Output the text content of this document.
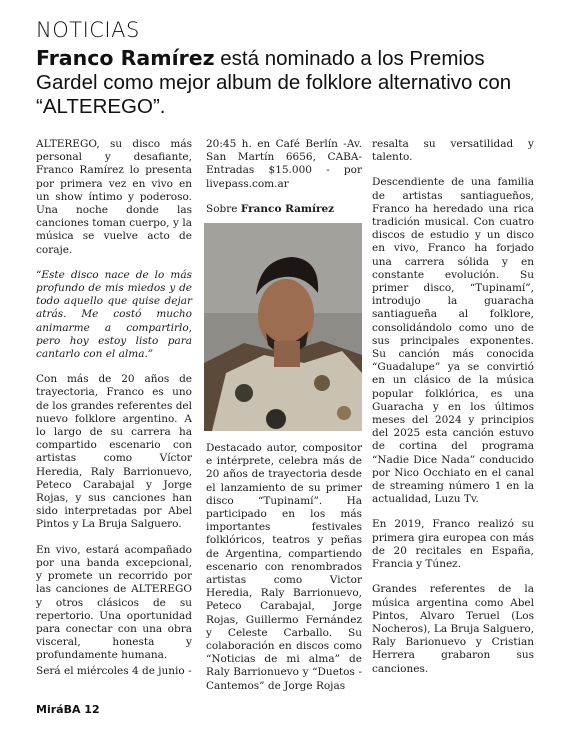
NOTICIAS
Franco Ramírez está nominado a los Premios Gardel como mejor album de folklore alternativo con “ALTEREGO”.

ALTEREGO, su disco más personal y desafiante, Franco Ramírez lo presenta por primera vez en vivo en un show íntimo y poderoso. Una noche donde las canciones toman cuerpo, y la música se vuelve acto de coraje.

“Este disco nace de lo más profundo de mis miedos y de todo aquello que quise dejar atrás. Me costó mucho animarme a compartirlo, pero hoy estoy listo para cantarlo con el alma.”

Con más de 20 años de trayectoria, Franco es uno de los grandes referentes del nuevo folklore argentino. A lo largo de su carrera ha compartido escenario con artistas como Víctor Heredia, Raly Barrionuevo, Peteco Carabajal y Jorge Rojas, y sus canciones han sido interpretadas por Abel Pintos y La Bruja Salguero.

En vivo, estará acompañado por una banda excepcional, y promete un recorrido por las canciones de ALTEREGO y otros clásicos de su repertorio. Una oportunidad para conectar con una obra visceral, honesta y profundamente humana.

Será el miércoles 4 de junio -

20:45 h. en Café Berlín -Av. San Martín 6656, CABA- Entradas $15.000 - por livepass.com.ar

Sobre Franco Ramírez

Destacado autor, compositor e intérprete, celebra más de 20 años de trayectoria desde el lanzamiento de su primer disco “Tupinamí”. Ha participado en los más importantes festivales folklóricos, teatros y peñas de Argentina, compartiendo escenario con renombrados artistas como Victor Heredia, Raly Barrionuevo, Peteco Carabajal, Jorge Rojas, Guillermo Fernández y Celeste Carballo. Su colaboración en discos como “Noticias de mi alma” de Raly Barrionuevo y “Duetos - Cantemos” de Jorge Rojas

resalta su versatilidad y talento.

Descendiente de una familia de artistas santiagueños, Franco ha heredado una rica tradición musical. Con cuatro discos de estudio y un disco en vivo, Franco ha forjado una carrera sólida y en constante evolución. Su primer disco, “Tupinamí”, introdujo la guaracha santiagueña al folklore, consolidándolo como uno de sus principales exponentes. Su canción más conocida “Guadalupe” ya se convirtió en un clásico de la música popular folklórica, es una Guaracha y en los últimos meses del 2024 y principios del 2025 esta canción estuvo de cortina del programa “Nadie Dice Nada” conducido por Nico Occhiato en el canal de streaming número 1 en la actualidad, Luzu Tv.

En 2019, Franco realizó su primera gira europea con más de 20 recitales en España, Francia y Túnez.

Grandes referentes de la música argentina como Abel Pintos, Alvaro Teruel (Los Nocheros), La Bruja Salguero, Raly Barionuevo y Cristian Herrera grabaron sus canciones.

MiráBA 12
